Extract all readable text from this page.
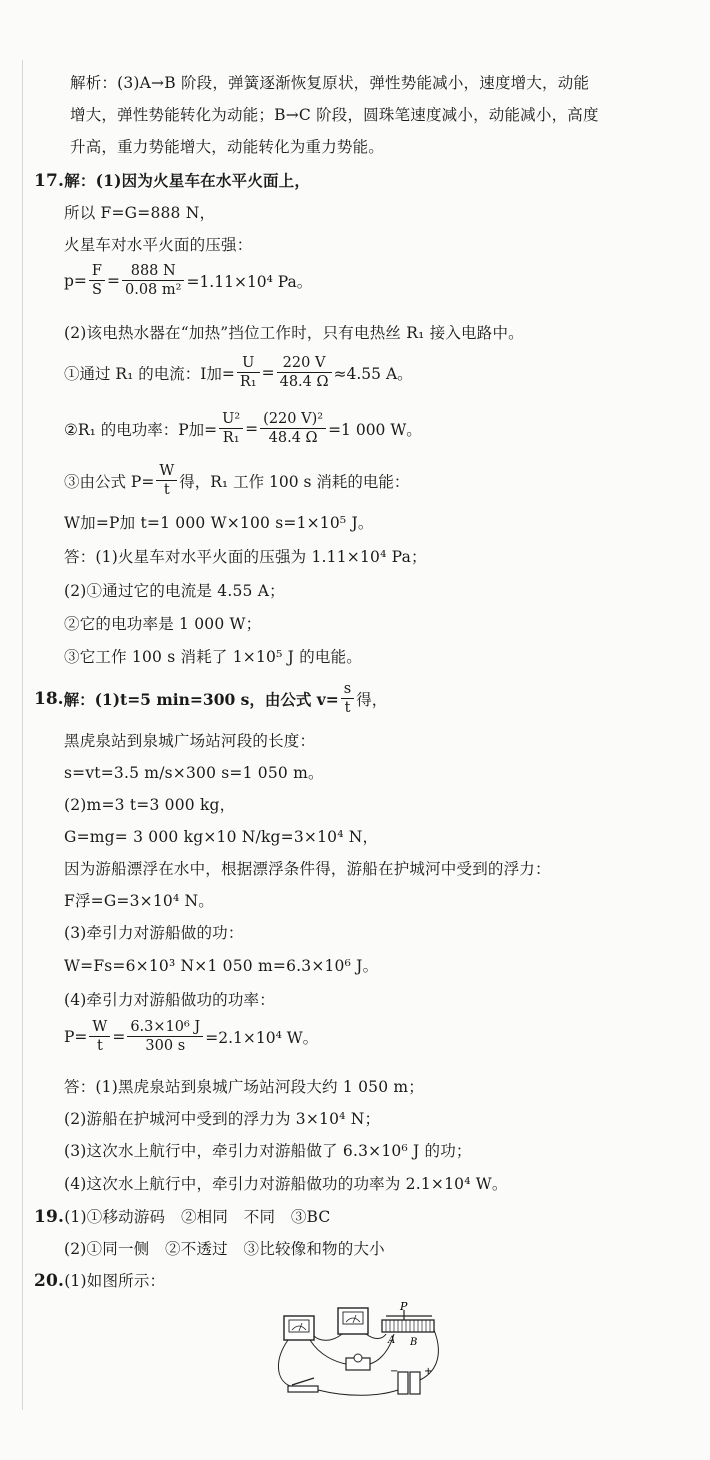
解析：(3)A→B 阶段，弹簧逐渐恢复原状，弹性势能减小，速度增大，动能
增大，弹性势能转化为动能；B→C 阶段，圆珠笔速度减小，动能减小，高度
升高，重力势能增大，动能转化为重力势能。
17.解：(1)因为火星车在水平火面上，
所以 F=G=888 N，
火星车对水平火面的压强：
$p= \frac{F}{S} = \frac{888 N}{\text{0.08 m²}} =1.11\times 10^4$ Pa。
(2)该电热水器在“加热”挡位工作时，只有电热丝 R₁ 接入电路中。
①通过 R₁ 的电流：I加= $\frac{U}{\text{R₁}} = \frac{220 V}{48.4 \Omega} \approx 4.55$ A。
②R₁ 的电功率：P加= $\frac{\text{U²}}{\text{R₁}} = \frac{\text{(220 V)²}}{48.4 \Omega} =1$ 000 W。
③由公式 $P= \frac{W}{t}$ 得，R₁ 工作 100 s 消耗的电能：
W加=P加 t=1 000 W×100 s=1×10⁵ J。
答：(1)火星车对水平火面的压强为 1.11×10⁴ Pa；
(2)①通过它的电流是 4.55 A；
②它的电功率是 1 000 W；
③它工作 100 s 消耗了 1×10⁵ J 的电能。
18. 解：(1)t=5 min=300 s，由公式 $v= \frac{s}{t}$ 得，
黑虎泉站到泉城广场站河段的长度：
s=vt=3.5 m/s×300 s=1 050 m。
(2)m=3 t=3 000 kg，
G=mg= 3 000 kg×10 N/kg=3×10⁴ N，
因为游船漂浮在水中，根据漂浮条件得，游船在护城河中受到的浮力：
F浮=G=3×10⁴ N。
(3)牵引力对游船做的功：
W=Fs=6×10³ N×1 050 m=6.3×10⁶ J。
(4)牵引力对游船做功的功率：
$P= \frac{W}{t} = \frac{\text{6.3×10⁶ J}}{300 s} =2.1\times 10^4$ W。
答：(1)黑虎泉站到泉城广场站河段大约 1 050 m；
(2)游船在护城河中受到的浮力为 3×10⁴ N；
(3)这次水上航行中，牵引力对游船做了 6.3×10⁶ J 的功；
(4)这次水上航行中，牵引力对游船做功的功率为 2.1×10⁴ W。
19.(1)①移动游码　②相同　不同　③BC
(2)①同一侧　②不透过　③比较像和物的大小
20.(1)如图所示：
P
A B
+
−
